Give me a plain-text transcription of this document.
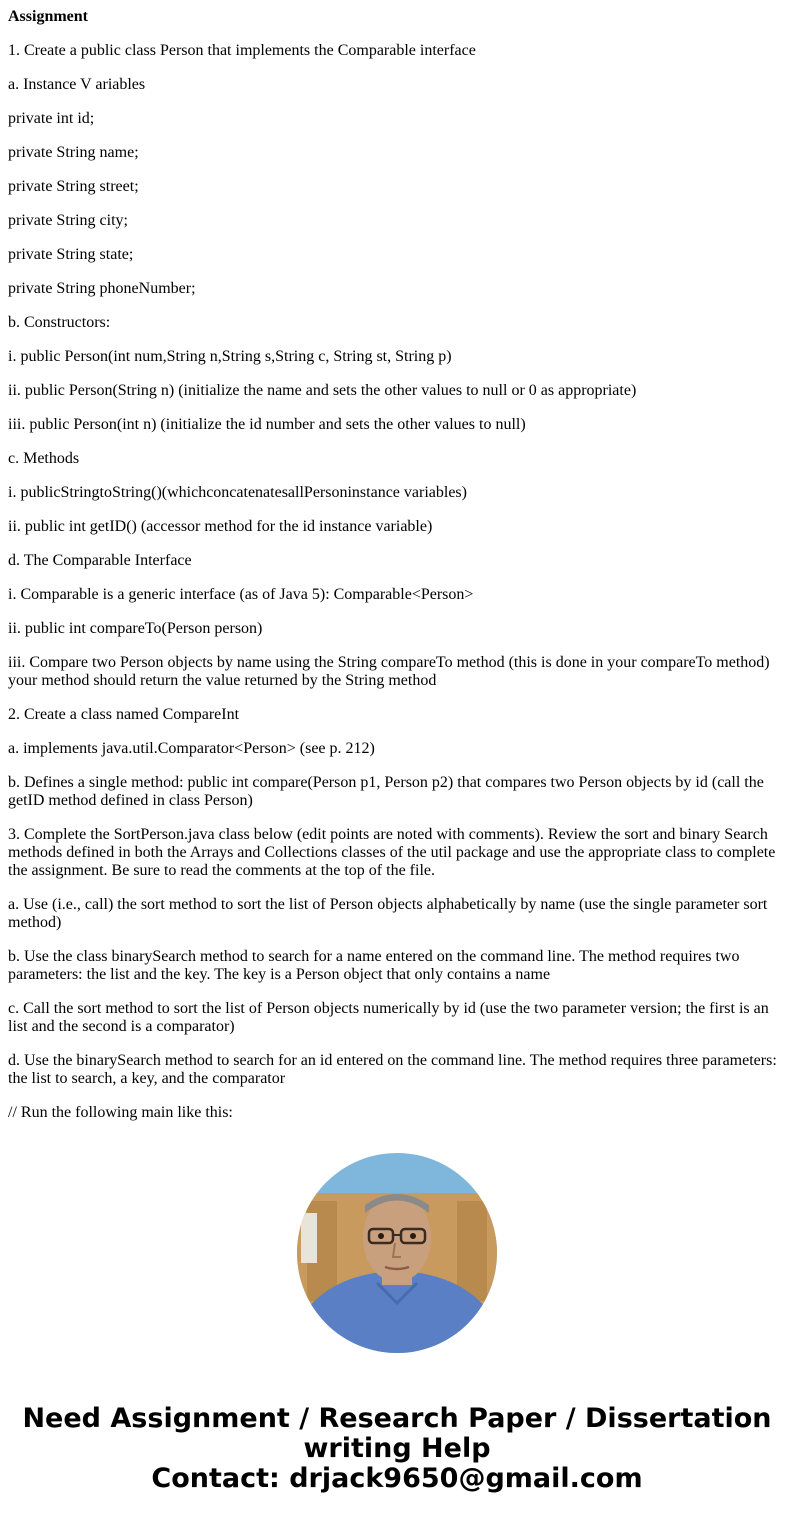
Assignment

1. Create a public class Person that implements the Comparable interface

a. Instance V ariables

private int id;

private String name;

private String street;

private String city;

private String state;

private String phoneNumber;

b. Constructors:

i. public Person(int num,String n,String s,String c, String st, String p)

ii. public Person(String n) (initialize the name and sets the other values to null or 0 as appropriate)

iii. public Person(int n) (initialize the id number and sets the other values to null)

c. Methods

i. publicStringtoString()(whichconcatenatesallPersoninstance variables)

ii. public int getID() (accessor method for the id instance variable)

d. The Comparable Interface

i. Comparable is a generic interface (as of Java 5): Comparable<Person>

ii. public int compareTo(Person person)

iii. Compare two Person objects by name using the String compareTo method (this is done in your compareTo method) your method should return the value returned by the String method

2. Create a class named CompareInt

a. implements java.util.Comparator<Person> (see p. 212)

b. Defines a single method: public int compare(Person p1, Person p2) that compares two Person objects by id (call the getID method defined in class Person)

3. Complete the SortPerson.java class below (edit points are noted with comments). Review the sort and binary Search methods defined in both the Arrays and Collections classes of the util package and use the appropriate class to complete the assignment. Be sure to read the comments at the top of the file.

a. Use (i.e., call) the sort method to sort the list of Person objects alphabetically by name (use the single parameter sort method)

b. Use the class binarySearch method to search for a name entered on the command line. The method requires two parameters: the list and the key. The key is a Person object that only contains a name

c. Call the sort method to sort the list of Person objects numerically by id (use the two parameter version; the first is an list and the second is a comparator)

d. Use the binarySearch method to search for an id entered on the command line. The method requires three parameters: the list to search, a key, and the comparator

// Run the following main like this:

Need Assignment / Research Paper / Dissertation
writing Help
Contact: drjack9650@gmail.com
